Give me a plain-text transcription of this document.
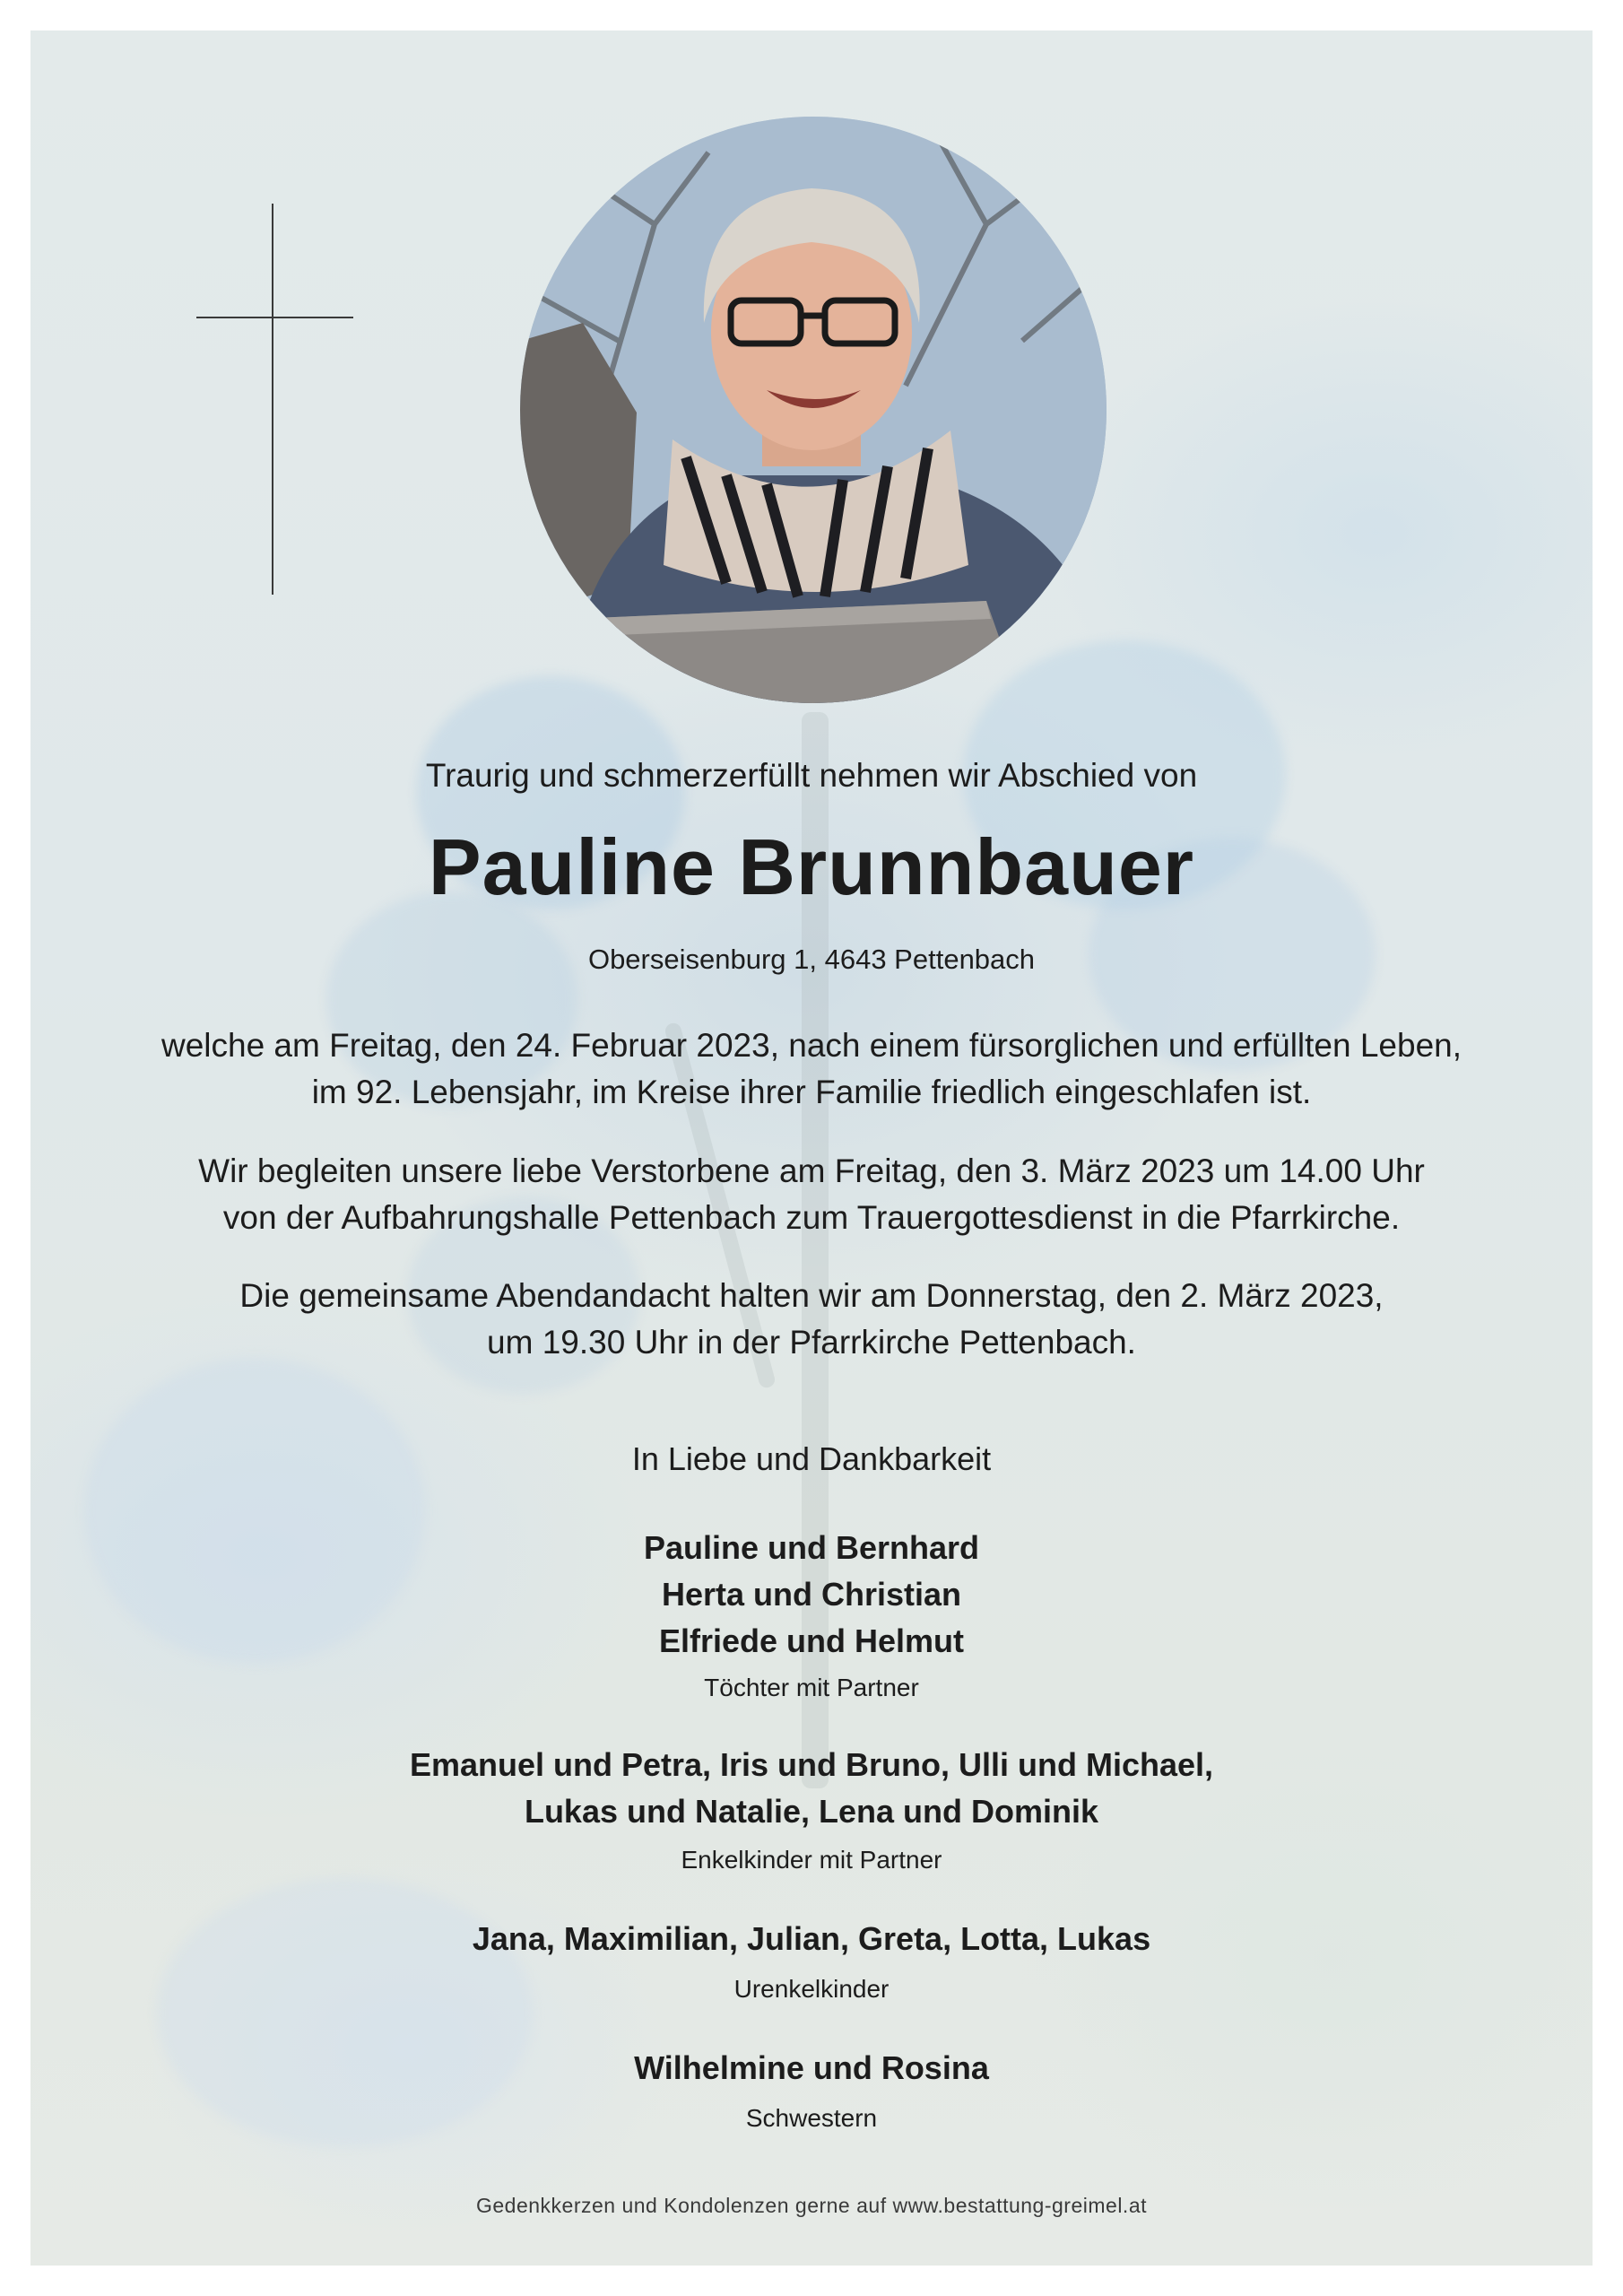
Traurig und schmerzerfüllt nehmen wir Abschied von
Pauline Brunnbauer
Oberseisenburg 1, 4643 Pettenbach
welche am Freitag, den 24. Februar 2023, nach einem fürsorglichen und erfüllten Leben,
im 92. Lebensjahr, im Kreise ihrer Familie friedlich eingeschlafen ist.
Wir begleiten unsere liebe Verstorbene am Freitag, den 3. März 2023 um 14.00 Uhr
von der Aufbahrungshalle Pettenbach zum Trauergottesdienst in die Pfarrkirche.
Die gemeinsame Abendandacht halten wir am Donnerstag, den 2. März 2023,
um 19.30 Uhr in der Pfarrkirche Pettenbach.
In Liebe und Dankbarkeit
Pauline und Bernhard
Herta und Christian
Elfriede und Helmut
Töchter mit Partner
Emanuel und Petra, Iris und Bruno, Ulli und Michael,
Lukas und Natalie, Lena und Dominik
Enkelkinder mit Partner
Jana, Maximilian, Julian, Greta, Lotta, Lukas
Urenkelkinder
Wilhelmine und Rosina
Schwestern
Gedenkkerzen und Kondolenzen gerne auf www.bestattung-greimel.at
